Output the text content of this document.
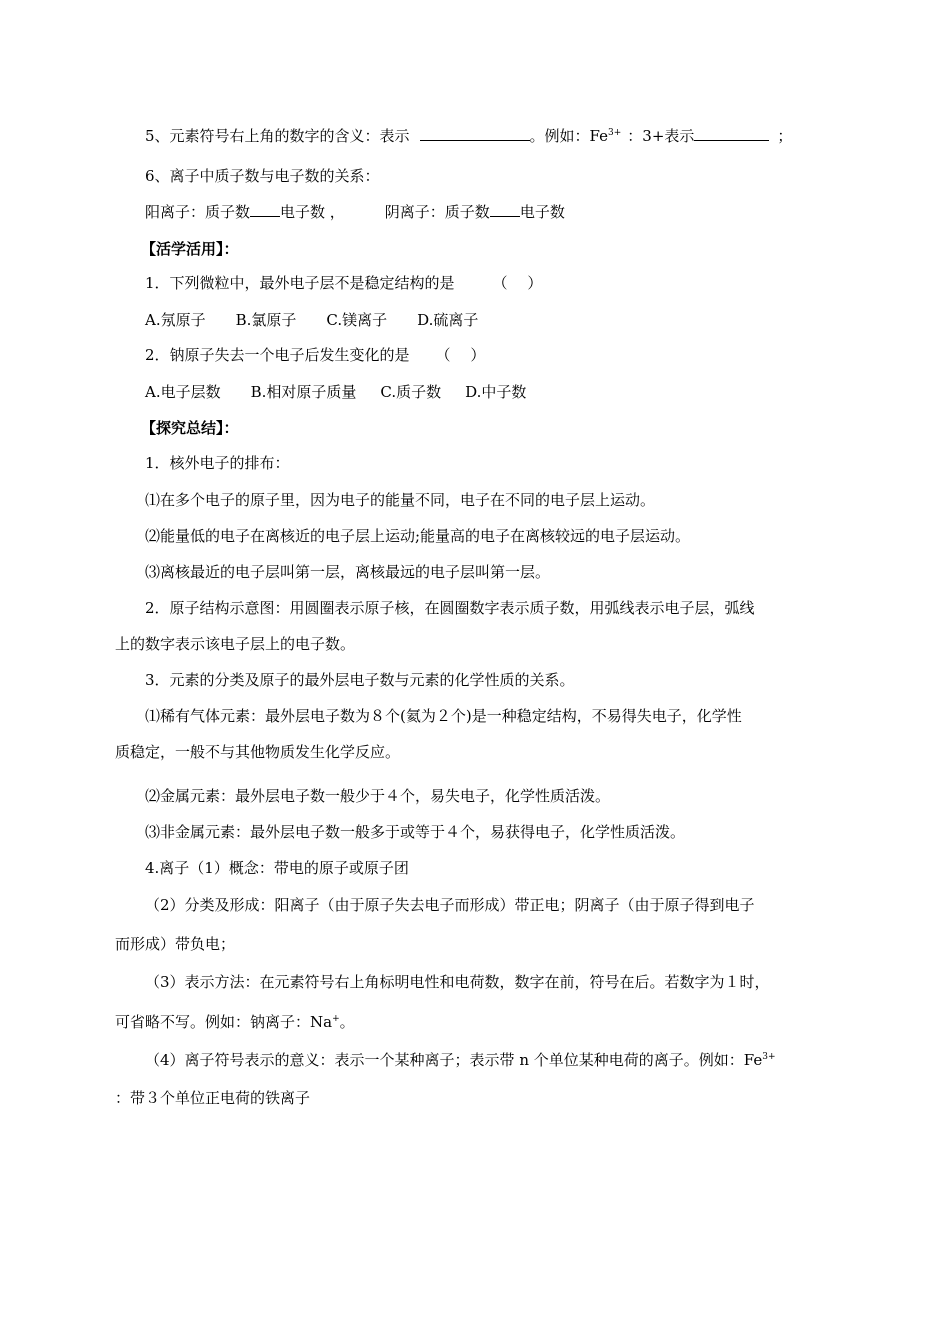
5、元素符号右上角的数字的含义：表示	。例如：$Fe^{3+}$ ：3+表示	；
6、离子中质子数与电子数的关系：
阳离子：质子数 电子数 ，	阴离子：质子数 电子数
【活学活用】：
1．下列微粒中，最外电子层不是稳定结构的是	（　 ）
A.氖原子 B.氯原子 C.镁离子 D.硫离子
2．钠原子失去一个电子后发生变化的是 （　 ）
A.电子层数 B.相对原子质量 C.质子数 D.中子数
【探究总结】：
1．核外电子的排布：
⑴在多个电子的原子里，因为电子的能量不同，电子在不同的电子层上运动。
⑵能量低的电子在离核近的电子层上运动;能量高的电子在离核较远的电子层运动。
⑶离核最近的电子层叫第一层，离核最远的电子层叫第一层。
2．原子结构示意图：用圆圈表示原子核，在圆圈数字表示质子数，用弧线表示电子层，弧线
上的数字表示该电子层上的电子数。
3．元素的分类及原子的最外层电子数与元素的化学性质的关系。
⑴稀有气体元素：最外层电子数为８个(氦为２个)是一种稳定结构，不易得失电子，化学性
质稳定，一般不与其他物质发生化学反应。
⑵金属元素：最外层电子数一般少于４个，易失电子，化学性质活泼。
⑶非金属元素：最外层电子数一般多于或等于４个，易获得电子，化学性质活泼。
4.离子（1）概念：带电的原子或原子团
（2）分类及形成：阳离子（由于原子失去电子而形成）带正电；阴离子（由于原子得到电子
而形成）带负电；
（3）表示方法：在元素符号右上角标明电性和电荷数，数字在前，符号在后。若数字为１时，
可省略不写。例如：钠离子：Na+。
（4）离子符号表示的意义：表示一个某种离子；表示带 n 个单位某种电荷的离子。例如：$Fe^{3+}$
：带３个单位正电荷的铁离子
